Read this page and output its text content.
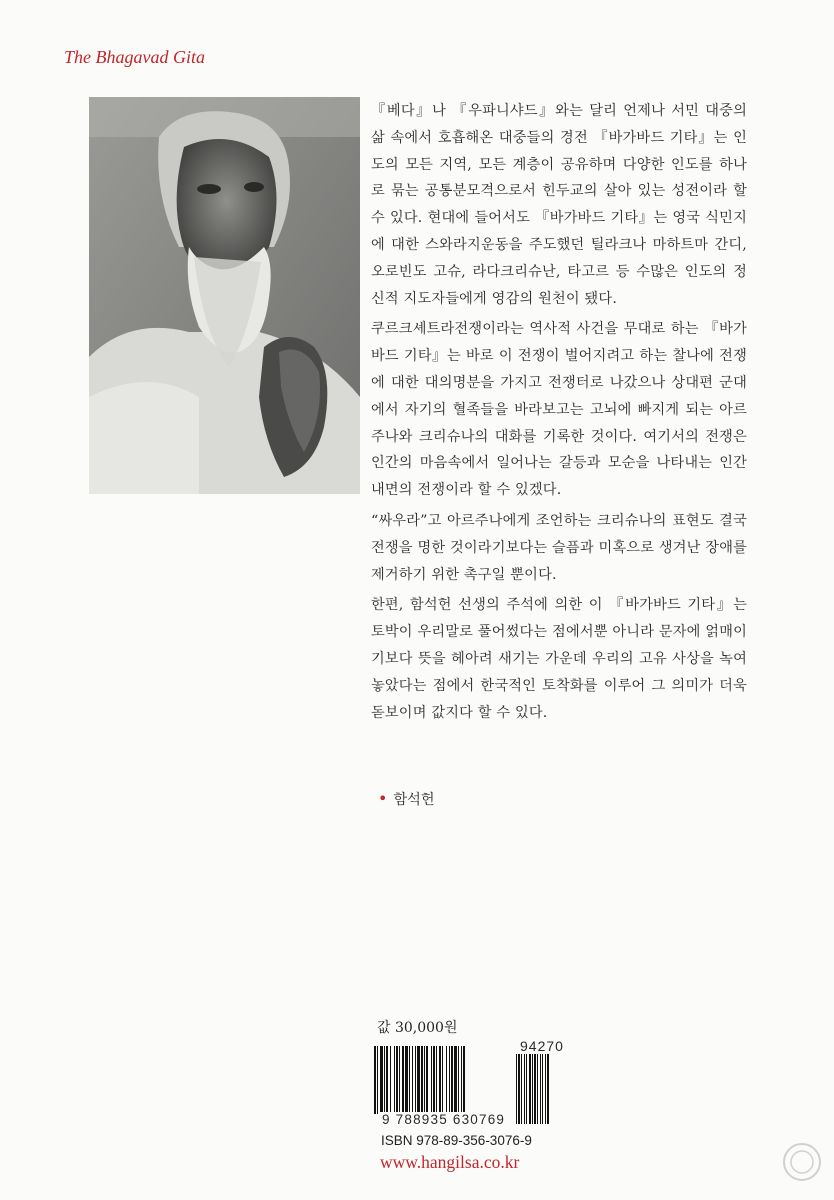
The Bhagavad Gita

『베다』나 『우파니샤드』와는 달리 언제나 서민 대중의 삶 속에서 호흡해온 대중들의 경전 『바가바드 기타』는 인도의 모든 지역, 모든 계층이 공유하며 다양한 인도를 하나로 묶는 공통분모격으로서 힌두교의 살아 있는 성전이라 할 수 있다. 현대에 들어서도 『바가바드 기타』는 영국 식민지에 대한 스와라지운동을 주도했던 틸라크나 마하트마 간디, 오로빈도 고슈, 라다크리슈난, 타고르 등 수많은 인도의 정신적 지도자들에게 영감의 원천이 됐다.

쿠르크셰트라전쟁이라는 역사적 사건을 무대로 하는 『바가바드 기타』는 바로 이 전쟁이 벌어지려고 하는 찰나에 전쟁에 대한 대의명분을 가지고 전쟁터로 나갔으나 상대편 군대에서 자기의 혈족들을 바라보고는 고뇌에 빠지게 되는 아르주나와 크리슈나의 대화를 기록한 것이다. 여기서의 전쟁은 인간의 마음속에서 일어나는 갈등과 모순을 나타내는 인간 내면의 전쟁이라 할 수 있겠다.

“싸우라”고 아르주나에게 조언하는 크리슈나의 표현도 결국 전쟁을 명한 것이라기보다는 슬픔과 미혹으로 생겨난 장애를 제거하기 위한 촉구일 뿐이다.

한편, 함석헌 선생의 주석에 의한 이 『바가바드 기타』는 토박이 우리말로 풀어썼다는 점에서뿐 아니라 문자에 얽매이기보다 뜻을 헤아려 새기는 가운데 우리의 고유 사상을 녹여놓았다는 점에서 한국적인 토착화를 이루어 그 의미가 더욱 돋보이며 값지다 할 수 있다.

• 함석헌
값 30,000원
94270
9 788935 630769
ISBN 978-89-356-3076-9
www.hangilsa.co.kr
